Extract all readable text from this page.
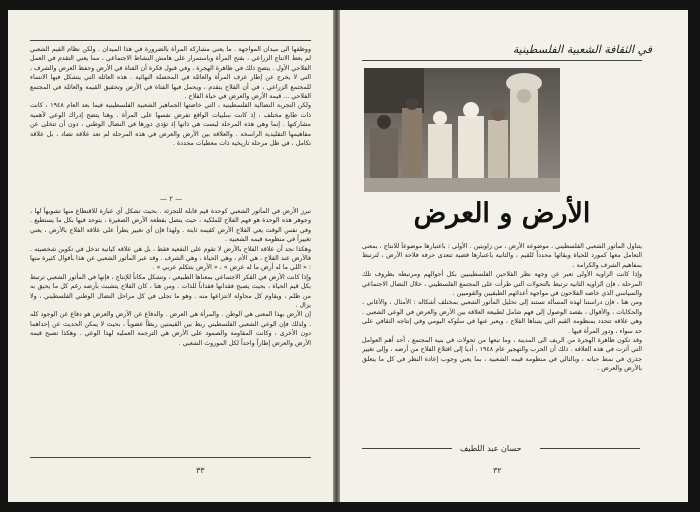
ووظفها الى ميدان المواجهة . ما يعني مشاركة المرأة بالضرورة في هذا الميدان . ولكن نظام القيم الشعبي لم يعط الانتاج الزراعي ، بفتح المرأة وباستمرار على هامش النشاط الاجتماعي ، مما يعني التقدم في العمل الفلاحي الأول . يتضح ذلك في ظاهرة الهجرة ، وفي قبول فكرة أن الفتاة في الأرض وحفظ العرض والشرف ، التي لا يخرج عن إطار عرف المرأة والعائلة في المحصلة النهائية . هذه العائلة التي يتشكل فيها الانتماء للمجتمع الزراعي ، في أن الفلاح يتقدم ، ويحمل فيها الفتاة في الأرض وتحقيق القيمة والعائلة في المجتمع الفلاحي ... قيمة الأرض والعرض في حياة الفلاح .

ولكن التجربة النضالية الفلسطينية ، التي خاضتها الجماهير الشعبية الفلسطينية فيما بعد العام ١٩٤٨ ، كانت ذات طابع مختلف ، إذ كانت سلبيات الواقع تفرض نفسها على المرأة . وهنا يتضح إدراك الوعي لأهمية مشاركتها . إنما وهي هذه المرحلة ليست هي ذاتها إذ تؤدي دورها في النضال الوطني ، دون أن تتخلى عن مفاهيمها التقليدية الراسخة . والعلاقة بين الأرض والعرض في هذه المرحلة لم تعد علاقة تضاد ، بل علاقة تكامل ، في ظل مرحلة تاريخية ذات معطيات محددة .

— ٢ —

تبرز الأرض في المأثور الشعبي كوحدة قيم قابلة للتجزئة . بحيث تشكل أي عبارة للاقتطاع منها تشويهاً لها ، وجوهر هذه الوحدة هو فهم الفلاح للملكية ، حيث يتصل بقطعة الأرض الصغيرة ، يتوحد فيها بكل ما يستطيع . وفي نفس الوقت يعي الفلاح الأرض كقيمة ثابتة . ولهذا فإن أي تغيير يطرأ على علاقة الفلاح بالأرض ، يعني تغييراً في منظومة قيمه الشعبية .

وهكذا نجد أن علاقة الفلاح بالأرض لا تقوم على النفعية فقط ، بل هي علاقة كيانية تدخل في تكوين شخصيته . فالأرض عند الفلاح ، هي الأم ، وهي الحياة ، وهي الشرف . وقد عبر المأثور الشعبي عن هذا بأقوال كثيرة منها : « اللي ما له أرض ما له عرض » ، « الأرض بتتكلم عربي » .

وإذا كانت الأرض في الفكر الاجتماعي بمعناها الطبيعي ، وتشكل مكاناً للإنتاج ، فإنها في المأثور الشعبي ترتبط بكل قيم الحياة ، بحيث يصبح فقدانها فقداناً للذات . ومن هنا ، كان الفلاح يتشبث بأرضه رغم كل ما يحيق به من ظلم ، ويقاوم كل محاولة لانتزاعها منه . وهو ما تجلى في كل مراحل النضال الوطني الفلسطيني ، ولا يزال .

إن الأرض بهذا المعنى هي الوطن . والمرأة هي العرض . والدفاع عن الأرض والعرض هو دفاع عن الوجود كله . ولذلك فإن الوعي الشعبي الفلسطيني ربط بين القيمتين ربطاً عضوياً ، بحيث لا يمكن الحديث عن إحداهما دون الأخرى ، وكانت المقاومة والصمود على الأرض هي الترجمة العملية لهذا الوعي . وهكذا تصبح قيمة الأرض والعرض إطاراً واحداً لكل الموروث الشعبي .

٣٣
في الثقافة الشعبية الفلسطينية
الأرض و العرض

يتناول المأثور الشعبي الفلسطيني ، موضوعة الأرض ، من زاويتين . الأولى : باعتبارها موضوعاً للانتاج ، بمعنى التعامل معها كمورد للحياة وبقائها محدداً للقيم ، والثانية باعتبارها قضية تتعدى حرفة فلاحة الأرض ، لترتبط بمفاهيم الشرف والكرامة .

وإذا كانت الزاوية الأولى تعبر عن وجهة نظر الفلاحين الفلسطينيين بكل أحوالهم ومرتبطة بظروف تلك المرحلة ، فإن الزاوية الثانية ترتبط بالتحولات التي طرأت على المجتمع الفلسطيني ، خلال النضال الاجتماعي والسياسي الذي خاضه الفلاحون في مواجهة أعدائهم الطبقيين والقوميين .

ومن هنا ، فإن دراستنا لهذه المسألة تستند إلى تحليل المأثور الشعبي بمختلف أشكاله : الأمثال ، والأغاني ، والحكايات ، والأقوال ، بقصد الوصول إلى فهم شامل لطبيعة العلاقة بين الأرض والعرض في الوعي الشعبي . وهي علاقة تتحدد بمنظومة القيم التي يتبناها الفلاح ، ويعبر عنها في سلوكه اليومي وفي إنتاجه الثقافي على حد سواء ، ودور المرأة فيها .

وقد تكون ظاهرة الهجرة من الريف الى المدينة ، وما تبعها من تحولات في بنية المجتمع ، أحد أهم العوامل التي أثرت في هذه العلاقة . ذلك أن الحرب والتهجير عام ١٩٤٨ ، أديا إلى اقتلاع الفلاح من أرضه ، وإلى تغيير جذري في نمط حياته ، وبالتالي في منظومة قيمه الشعبية ، بما يعني وجوب إعادة النظر في كل ما يتعلق بالأرض والعرض .

حسان عبد اللطيف
٣٢
